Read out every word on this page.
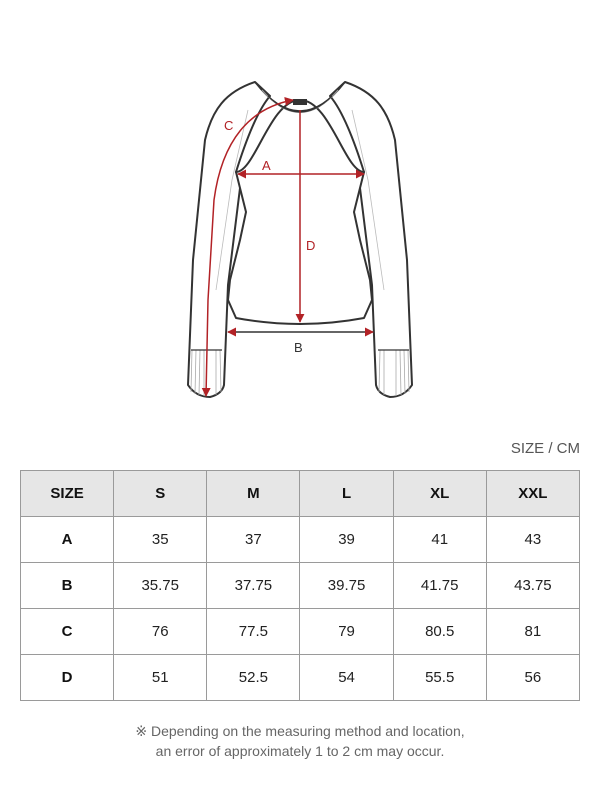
A
B
C
D
SIZE / CM
SIZE	S	M	L	XL	XXL
A	35	37	39	41	43
B	35.75	37.75	39.75	41.75	43.75
C	76	77.5	79	80.5	81
D	51	52.5	54	55.5	56
※ Depending on the measuring method and location,
an error of approximately 1 to 2 cm may occur.
